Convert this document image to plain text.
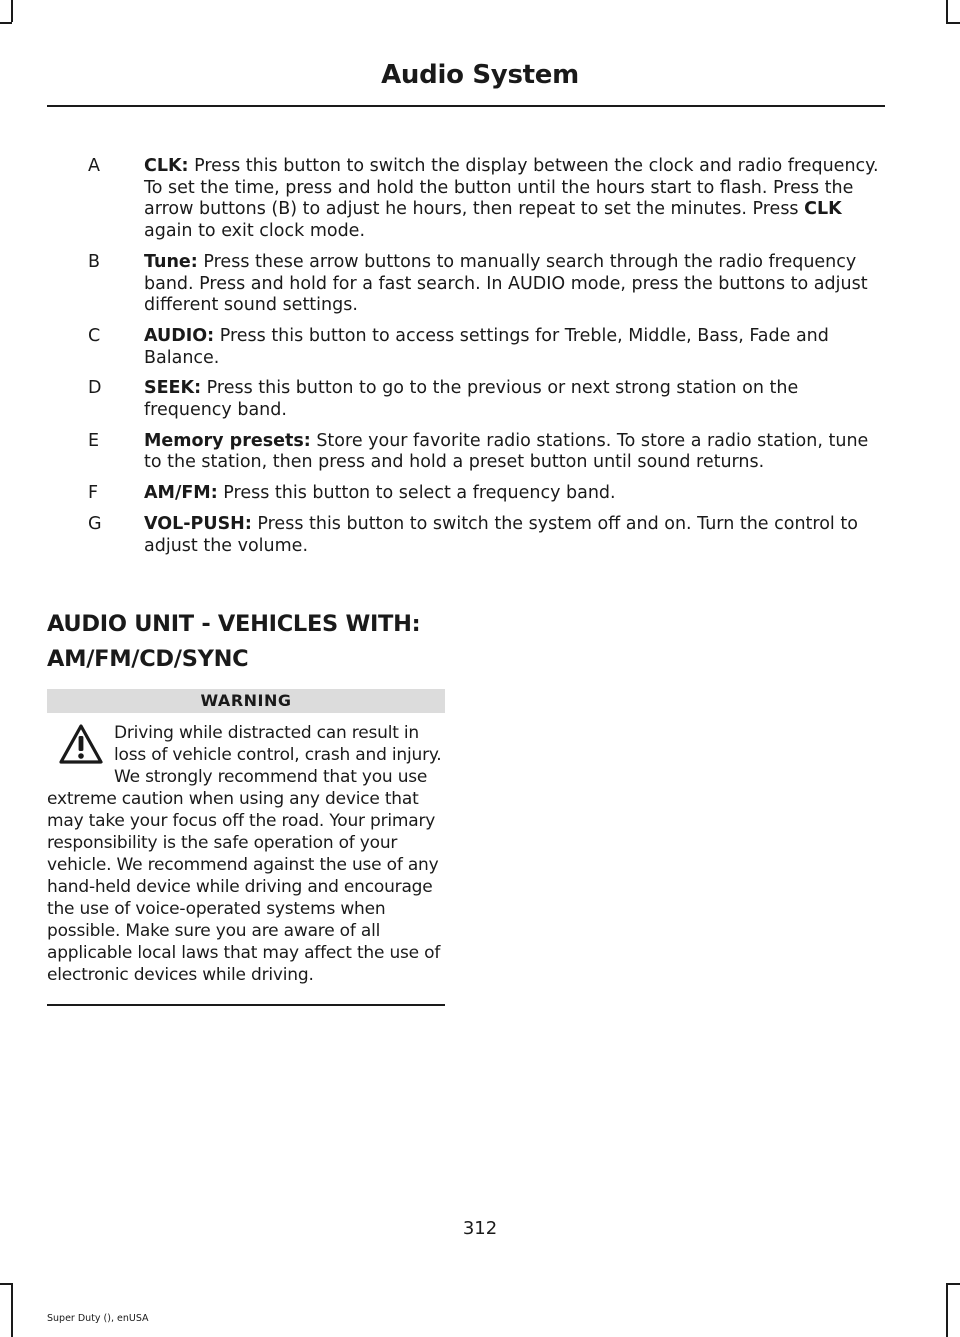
Audio System
A	CLK: Press this button to switch the display between the clock and radio frequency. To set the time, press and hold the button until the hours start to flash. Press the arrow buttons (B) to adjust he hours, then repeat to set the minutes. Press CLK again to exit clock mode.
B	Tune: Press these arrow buttons to manually search through the radio frequency band. Press and hold for a fast search. In AUDIO mode, press the buttons to adjust different sound settings.
C	AUDIO: Press this button to access settings for Treble, Middle, Bass, Fade and Balance.
D SEEK: Press this button to go to the previous or next strong station on the frequency band.
E	Memory presets: Store your favorite radio stations. To store a radio station, tune to the station, then press and hold a preset button until sound returns.
F	AM/FM: Press this button to select a frequency band.
G VOL-PUSH: Press this button to switch the system off and on. Turn the control to adjust the volume.
AUDIO UNIT - VEHICLES WITH:
AM/FM/CD/SYNC
WARNING

Driving while distracted can result in loss of vehicle control, crash and injury. We strongly recommend that you use extreme caution when using any device that may take your focus off the road. Your primary responsibility is the safe operation of your vehicle. We recommend against the use of any hand-held device while driving and encourage the use of voice-operated systems when possible. Make sure you are aware of all applicable local laws that may affect the use of electronic devices while driving.

312
Super Duty (), enUSA
